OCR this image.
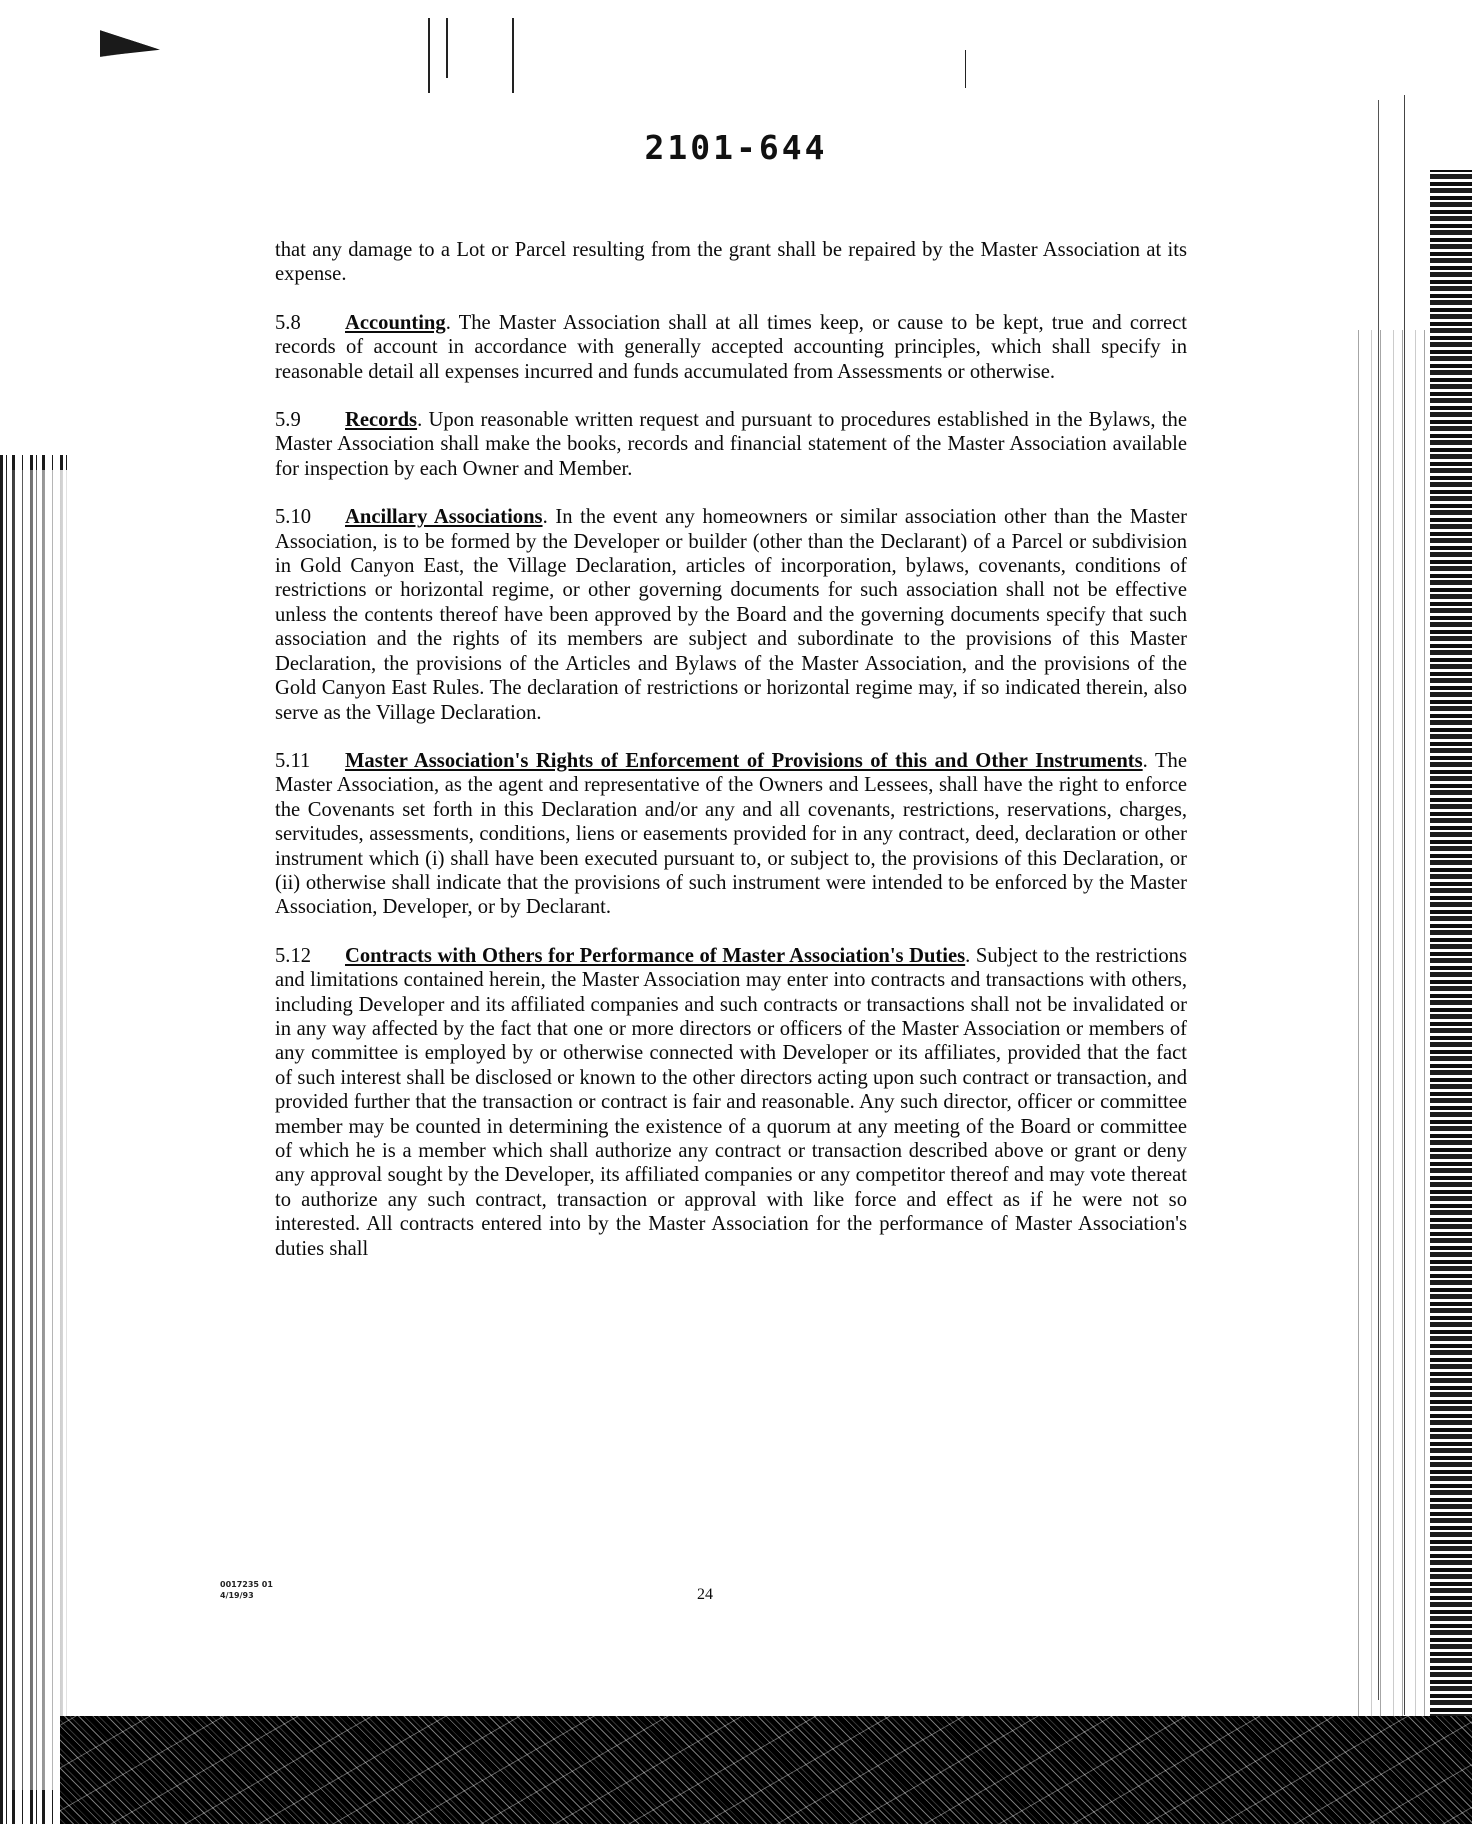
2101-644

that any damage to a Lot or Parcel resulting from the grant shall be repaired by the Master Association at its expense.

5.8 Accounting. The Master Association shall at all times keep, or cause to be kept, true and correct records of account in accordance with generally accepted accounting principles, which shall specify in reasonable detail all expenses incurred and funds accumulated from Assessments or otherwise.

5.9 Records. Upon reasonable written request and pursuant to procedures established in the Bylaws, the Master Association shall make the books, records and financial statement of the Master Association available for inspection by each Owner and Member.

5.10 Ancillary Associations. In the event any homeowners or similar association other than the Master Association, is to be formed by the Developer or builder (other than the Declarant) of a Parcel or subdivision in Gold Canyon East, the Village Declaration, articles of incorporation, bylaws, covenants, conditions of restrictions or horizontal regime, or other governing documents for such association shall not be effective unless the contents thereof have been approved by the Board and the governing documents specify that such association and the rights of its members are subject and subordinate to the provisions of this Master Declaration, the provisions of the Articles and Bylaws of the Master Association, and the provisions of the Gold Canyon East Rules. The declaration of restrictions or horizontal regime may, if so indicated therein, also serve as the Village Declaration.

5.11 Master Association's Rights of Enforcement of Provisions of this and Other Instruments. The Master Association, as the agent and representative of the Owners and Lessees, shall have the right to enforce the Covenants set forth in this Declaration and/or any and all covenants, restrictions, reservations, charges, servitudes, assessments, conditions, liens or easements provided for in any contract, deed, declaration or other instrument which (i) shall have been executed pursuant to, or subject to, the provisions of this Declaration, or (ii) otherwise shall indicate that the provisions of such instrument were intended to be enforced by the Master Association, Developer, or by Declarant.

5.12 Contracts with Others for Performance of Master Association's Duties. Subject to the restrictions and limitations contained herein, the Master Association may enter into contracts and transactions with others, including Developer and its affiliated companies and such contracts or transactions shall not be invalidated or in any way affected by the fact that one or more directors or officers of the Master Association or members of any committee is employed by or otherwise connected with Developer or its affiliates, provided that the fact of such interest shall be disclosed or known to the other directors acting upon such contract or transaction, and provided further that the transaction or contract is fair and reasonable. Any such director, officer or committee member may be counted in determining the existence of a quorum at any meeting of the Board or committee of which he is a member which shall authorize any contract or transaction described above or grant or deny any approval sought by the Developer, its affiliated companies or any competitor thereof and may vote thereat to authorize any such contract, transaction or approval with like force and effect as if he were not so interested. All contracts entered into by the Master Association for the performance of Master Association's duties shall

0017235 01
4/19/93	24
